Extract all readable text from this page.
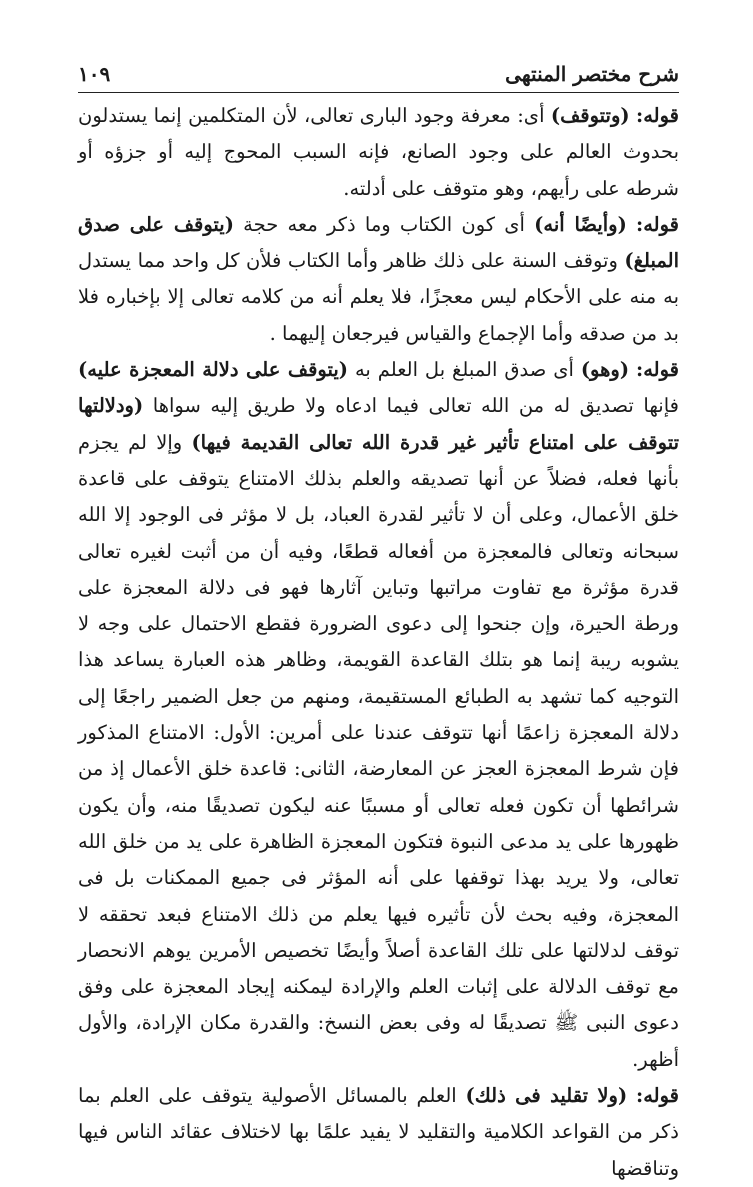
شرح مختصر المنتهى
١٠٩

قوله: (وتتوقف) أى: معرفة وجود البارى تعالى، لأن المتكلمين إنما يستدلون بحدوث العالم على وجود الصانع، فإنه السبب المحوج إليه أو جزؤه أو شرطه على رأيهم، وهو متوقف على أدلته.

قوله: (وأيضًا أنه) أى كون الكتاب وما ذكر معه حجة (يتوقف على صدق المبلغ) وتوقف السنة على ذلك ظاهر وأما الكتاب فلأن كل واحد مما يستدل به منه على الأحكام ليس معجزًا، فلا يعلم أنه من كلامه تعالى إلا بإخباره فلا بد من صدقه وأما الإجماع والقياس فيرجعان إليهما .

قوله: (وهو) أى صدق المبلغ بل العلم به (يتوقف على دلالة المعجزة عليه) فإنها تصديق له من الله تعالى فيما ادعاه ولا طريق إليه سواها (ودلالتها تتوقف على امتناع تأثير غير قدرة الله تعالى القديمة فيها) وإلا لم يجزم بأنها فعله، فضلاً عن أنها تصديقه والعلم بذلك الامتناع يتوقف على قاعدة خلق الأعمال، وعلى أن لا تأثير لقدرة العباد، بل لا مؤثر فى الوجود إلا الله سبحانه وتعالى فالمعجزة من أفعاله قطعًا، وفيه أن من أثبت لغيره تعالى قدرة مؤثرة مع تفاوت مراتبها وتباين آثارها فهو فى دلالة المعجزة على ورطة الحيرة، وإن جنحوا إلى دعوى الضرورة فقطع الاحتمال على وجه لا يشوبه ريبة إنما هو بتلك القاعدة القويمة، وظاهر هذه العبارة يساعد هذا التوجيه كما تشهد به الطبائع المستقيمة، ومنهم من جعل الضمير راجعًا إلى دلالة المعجزة زاعمًا أنها تتوقف عندنا على أمرين: الأول: الامتناع المذكور فإن شرط المعجزة العجز عن المعارضة، الثانى: قاعدة خلق الأعمال إذ من شرائطها أن تكون فعله تعالى أو مسببًا عنه ليكون تصديقًا منه، وأن يكون ظهورها على يد مدعى النبوة فتكون المعجزة الظاهرة على يد من خلق الله تعالى، ولا يريد بهذا توقفها على أنه المؤثر فى جميع الممكنات بل فى المعجزة، وفيه بحث لأن تأثيره فيها يعلم من ذلك الامتناع فبعد تحققه لا توقف لدلالتها على تلك القاعدة أصلاً وأيضًا تخصيص الأمرين يوهم الانحصار مع توقف الدلالة على إثبات العلم والإرادة ليمكنه إيجاد المعجزة على وفق دعوى النبى ﷺ تصديقًا له وفى بعض النسخ: والقدرة مكان الإرادة، والأول أظهر.

قوله: (ولا تقليد فى ذلك) العلم بالمسائل الأصولية يتوقف على العلم بما ذكر من القواعد الكلامية والتقليد لا يفيد علمًا بها لاختلاف عقائد الناس فيها وتناقضها
